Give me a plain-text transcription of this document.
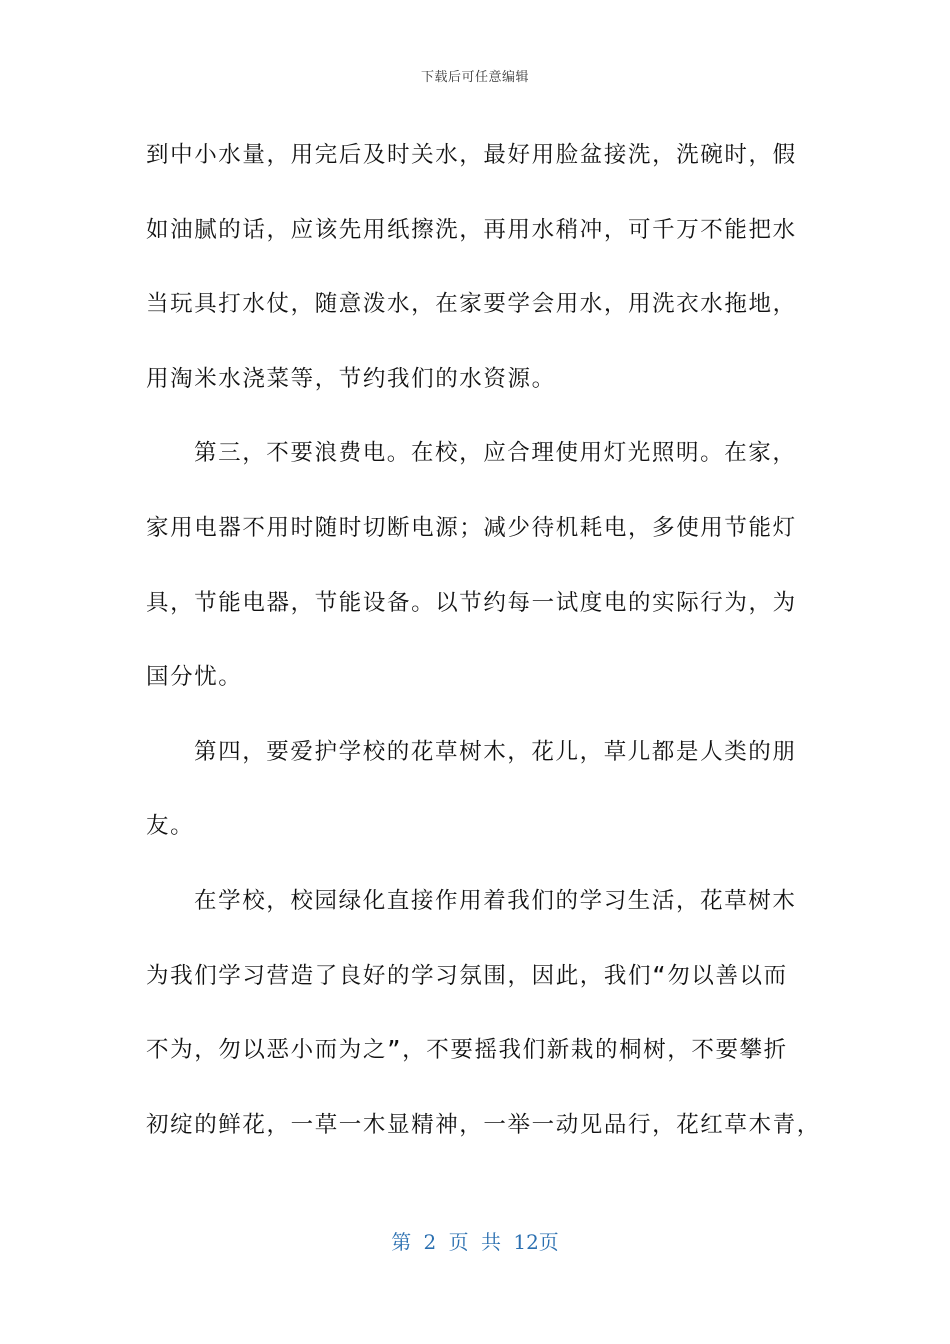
下载后可任意编辑
到中小水量，用完后及时关水，最好用脸盆接洗，洗碗时，假
如油腻的话，应该先用纸擦洗，再用水稍冲，可千万不能把水
当玩具打水仗，随意泼水，在家要学会用水，用洗衣水拖地，
用淘米水浇菜等，节约我们的水资源。
第三，不要浪费电。在校，应合理使用灯光照明。在家，
家用电器不用时随时切断电源；减少待机耗电，多使用节能灯
具，节能电器，节能设备。以节约每一试度电的实际行为，为
国分忧。
第四，要爱护学校的花草树木，花儿，草儿都是人类的朋
友。
在学校，校园绿化直接作用着我们的学习生活，花草树木
为我们学习营造了良好的学习氛围，因此，我们“勿以善以而
不为，勿以恶小而为之”，不要摇我们新栽的桐树，不要攀折
初绽的鲜花，一草一木显精神，一举一动见品行，花红草木青，
第 2 页 共 12页
